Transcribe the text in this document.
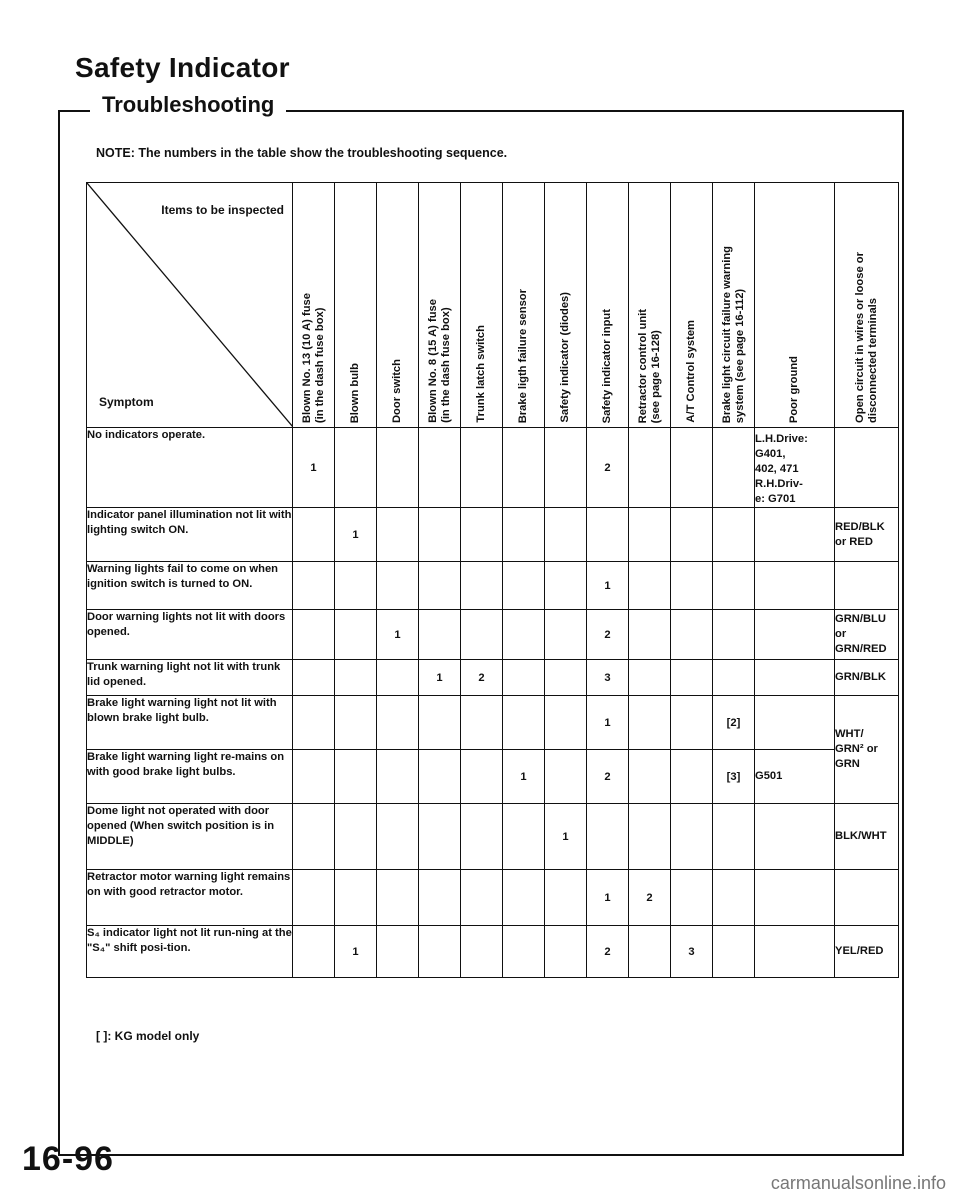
Safety Indicator
Troubleshooting
NOTE: The numbers in the table show the troubleshooting sequence.
Items to be inspected
Symptom	Blown No. 13 (10 A) fuse
(in the dash fuse box)	Blown bulb	Door switch	Blown No. 8 (15 A) fuse
(in the dash fuse box)	Trunk latch switch	Brake ligth failure sensor	Safety indicator (diodes)	Safety indicator input	Retractor control unit
(see page 16-128)	A/T Control system	Brake light circuit failure warning
system (see page 16-112)	Poor ground	Open circuit in wires or loose or
disconnected terminals

No indicators operate.	1							2				L.H.Drive:
G401,
402, 471
R.H.Driv-
e: G701	
Indicator panel illumination not lit with lighting switch ON.		1											RED/BLK
or RED
Warning lights fail to come on when ignition switch is turned to ON.								1					
Door warning lights not lit with doors opened.			1					2					GRN/BLU
or
GRN/RED
Trunk warning light not lit with trunk lid opened.				1	2			3					GRN/BLK
Brake light warning light not lit with blown brake light bulb.								1			[2]		WHT/
GRN² or
GRN
Brake light warning light re-mains on with good brake light bulbs.						1		2			[3]	G501	
Dome light not operated with door opened (When switch position is in MIDDLE)							1						BLK/WHT
Retractor motor warning light remains on with good retractor motor.								1	2				
S₄ indicator light not lit run-ning at the "S₄" shift posi-tion.		1						2		3			YEL/RED
[ ]: KG model only
16-96
carmanualsonline.info
